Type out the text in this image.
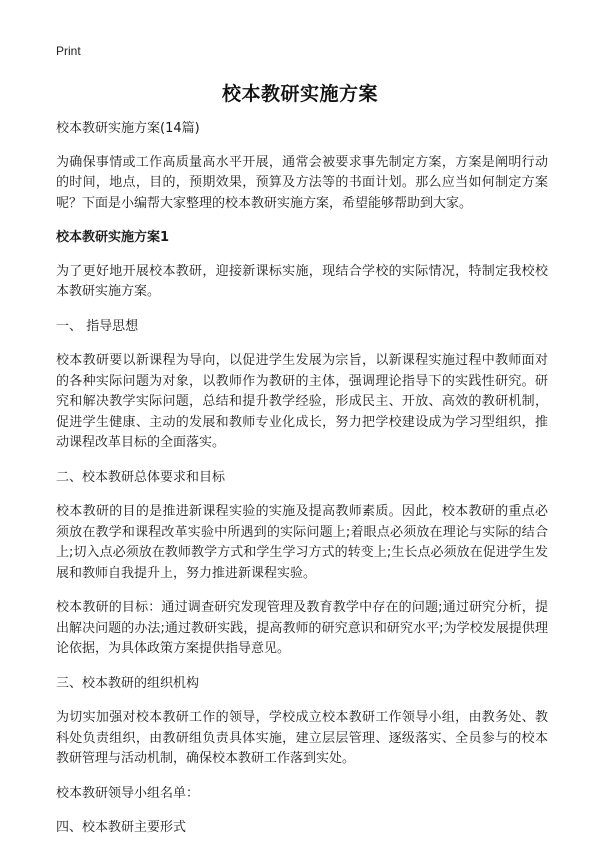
Print
校本教研实施方案

校本教研实施方案(14篇)

为确保事情或工作高质量高水平开展，通常会被要求事先制定方案，方案是阐明行动的时间，地点，目的，预期效果，预算及方法等的书面计划。那么应当如何制定方案呢？下面是小编帮大家整理的校本教研实施方案，希望能够帮助到大家。

校本教研实施方案1

为了更好地开展校本教研，迎接新课标实施，现结合学校的实际情况，特制定我校校本教研实施方案。

一、 指导思想

校本教研要以新课程为导向，以促进学生发展为宗旨，以新课程实施过程中教师面对的各种实际问题为对象，以教师作为教研的主体，强调理论指导下的实践性研究。研究和解决教学实际问题，总结和提升教学经验，形成民主、开放、高效的教研机制，促进学生健康、主动的发展和教师专业化成长，努力把学校建设成为学习型组织，推动课程改革目标的全面落实。

二、校本教研总体要求和目标

校本教研的目的是推进新课程实验的实施及提高教师素质。因此，校本教研的重点必须放在教学和课程改革实验中所遇到的实际问题上;着眼点必须放在理论与实际的结合上;切入点必须放在教师教学方式和学生学习方式的转变上;生长点必须放在促进学生发展和教师自我提升上，努力推进新课程实验。

校本教研的目标：通过调查研究发现管理及教育教学中存在的问题;通过研究分析，提出解决问题的办法;通过教研实践，提高教师的研究意识和研究水平;为学校发展提供理论依据，为具体政策方案提供指导意见。

三、校本教研的组织机构

为切实加强对校本教研工作的领导，学校成立校本教研工作领导小组，由教务处、教科处负责组织，由教研组负责具体实施，建立层层管理、逐级落实、全员参与的校本教研管理与活动机制，确保校本教研工作落到实处。

校本教研领导小组名单：

四、校本教研主要形式
